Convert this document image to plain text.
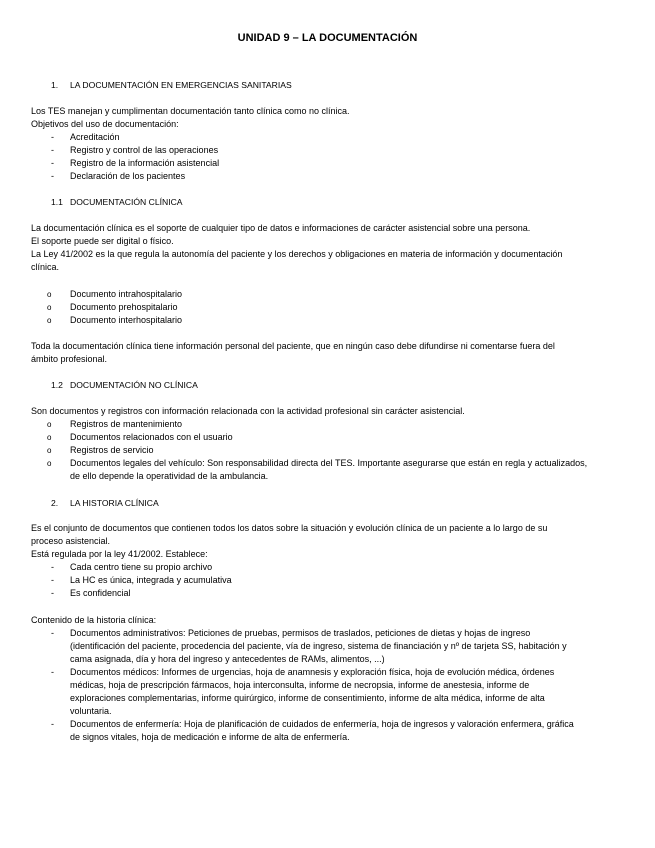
UNIDAD 9 – LA DOCUMENTACIÓN
1. LA DOCUMENTACIÓN EN EMERGENCIAS SANITARIAS
Los TES manejan y cumplimentan documentación tanto clínica como no clínica.
Objetivos del uso de documentación:
- Acreditación
- Registro y control de las operaciones
- Registro de la información asistencial
- Declaración de los pacientes
1.1 DOCUMENTACIÓN CLÍNICA
La documentación clínica es el soporte de cualquier tipo de datos e informaciones de carácter asistencial sobre una persona.
El soporte puede ser digital o físico.
La Ley 41/2002 es la que regula la autonomía del paciente y los derechos y obligaciones en materia de información y documentación
clínica.
o Documento intrahospitalario
o Documento prehospitalario
o Documento interhospitalario
Toda la documentación clínica tiene información personal del paciente, que en ningún caso debe difundirse ni comentarse fuera del
ámbito profesional.
1.2 DOCUMENTACIÓN NO CLÍNICA
Son documentos y registros con información relacionada con la actividad profesional sin carácter asistencial.
o Registros de mantenimiento
o Documentos relacionados con el usuario
o Registros de servicio
o Documentos legales del vehículo: Son responsabilidad directa del TES. Importante asegurarse que están en regla y actualizados,
de ello depende la operatividad de la ambulancia.
2. LA HISTORIA CLÍNICA
Es el conjunto de documentos que contienen todos los datos sobre la situación y evolución clínica de un paciente a lo largo de su
proceso asistencial.
Está regulada por la ley 41/2002. Establece:
- Cada centro tiene su propio archivo
- La HC es única, integrada y acumulativa
- Es confidencial
Contenido de la historia clínica:
- Documentos administrativos: Peticiones de pruebas, permisos de traslados, peticiones de dietas y hojas de ingreso
(identificación del paciente, procedencia del paciente, vía de ingreso, sistema de financiación y nº de tarjeta SS, habitación y
cama asignada, día y hora del ingreso y antecedentes de RAMs, alimentos, ...)
- Documentos médicos: Informes de urgencias, hoja de anamnesis y exploración física, hoja de evolución médica, órdenes
médicas, hoja de prescripción fármacos, hoja interconsulta, informe de necropsia, informe de anestesia, informe de
exploraciones complementarias, informe quirúrgico, informe de consentimiento, informe de alta médica, informe de alta
voluntaria.
- Documentos de enfermería: Hoja de planificación de cuidados de enfermería, hoja de ingresos y valoración enfermera, gráfica
de signos vitales, hoja de medicación e informe de alta de enfermería.
